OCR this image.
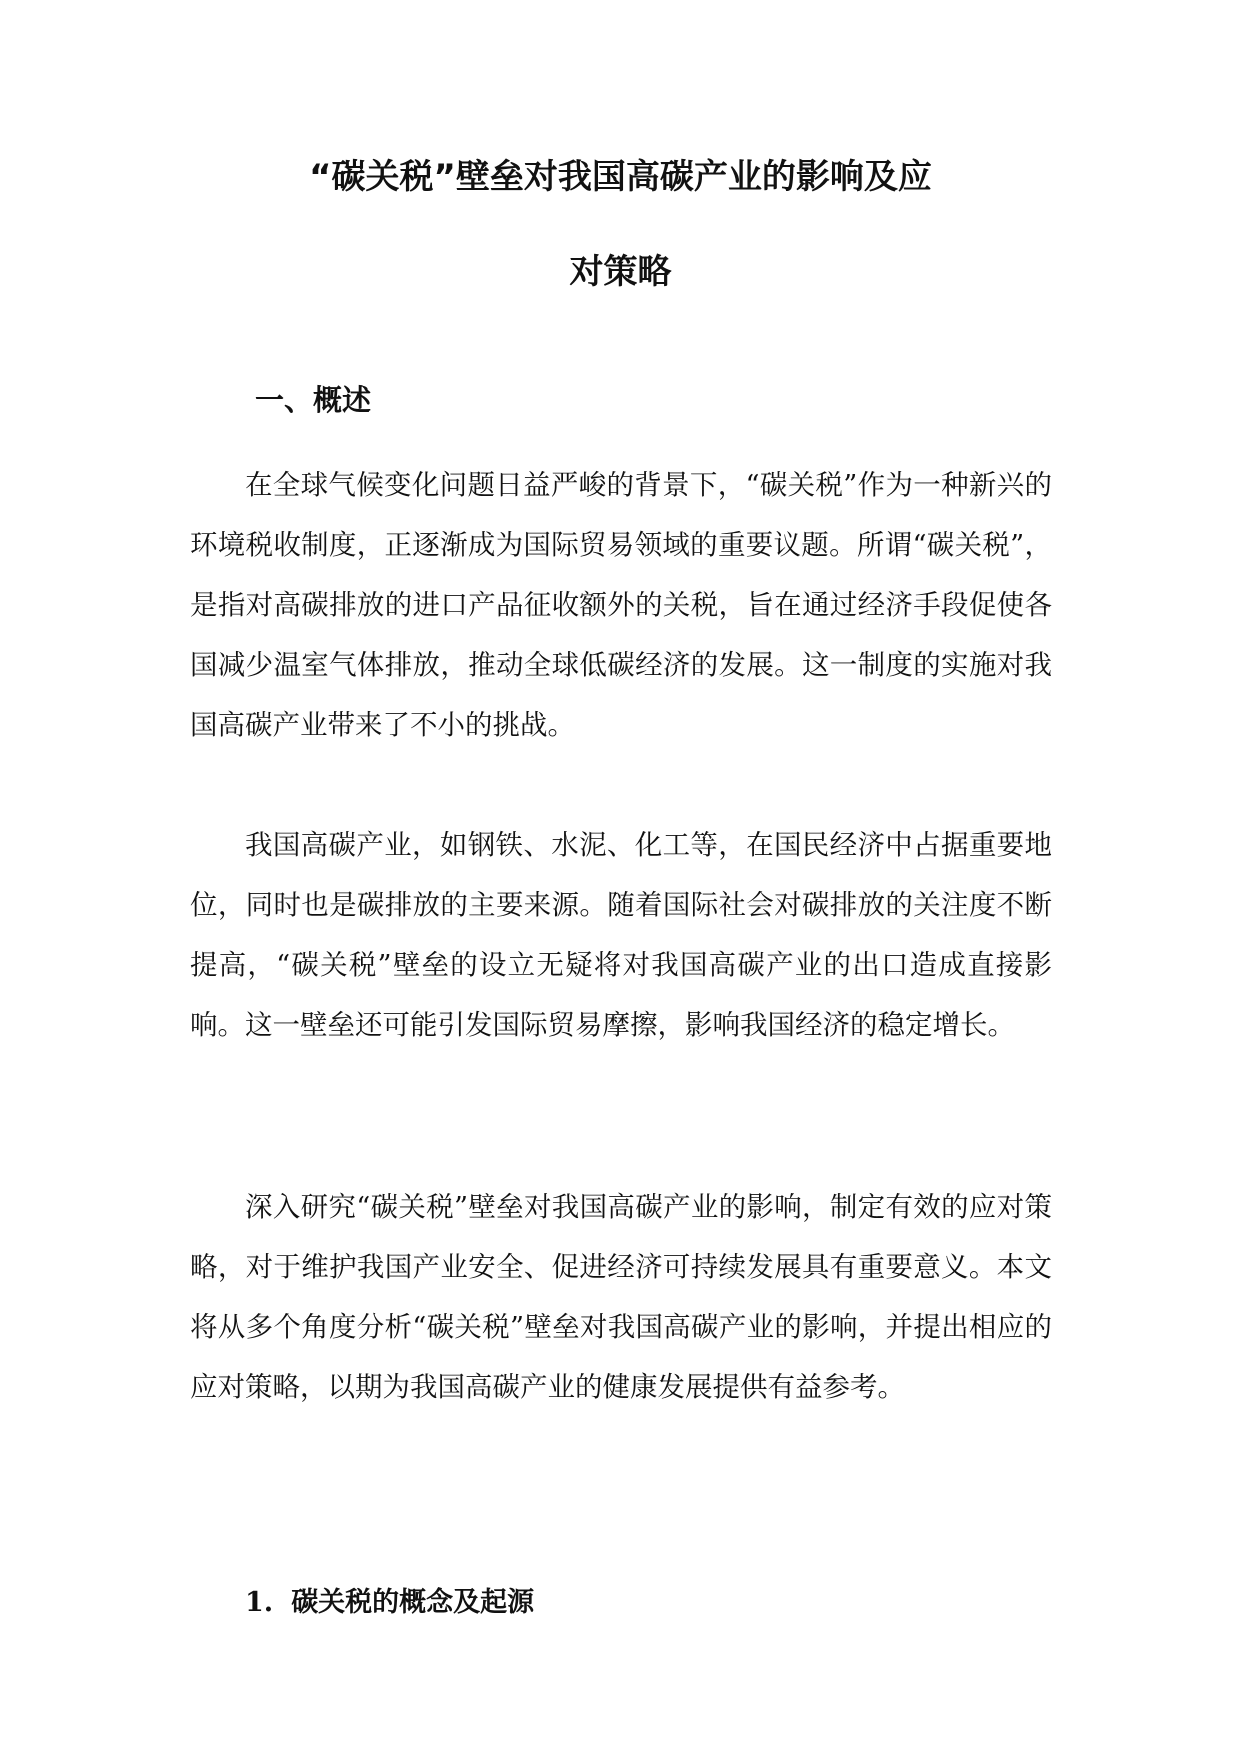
“碳关税”壁垒对我国高碳产业的影响及应
对策略
一、概述

在全球气候变化问题日益严峻的背景下，“碳关税”作为一种新兴的环境税收制度，正逐渐成为国际贸易领域的重要议题。所谓“碳关税”，是指对高碳排放的进口产品征收额外的关税，旨在通过经济手段促使各国减少温室气体排放，推动全球低碳经济的发展。这一制度的实施对我国高碳产业带来了不小的挑战。

我国高碳产业，如钢铁、水泥、化工等，在国民经济中占据重要地位，同时也是碳排放的主要来源。随着国际社会对碳排放的关注度不断提高，“碳关税”壁垒的设立无疑将对我国高碳产业的出口造成直接影响。这一壁垒还可能引发国际贸易摩擦，影响我国经济的稳定增长。

深入研究“碳关税”壁垒对我国高碳产业的影响，制定有效的应对策略，对于维护我国产业安全、促进经济可持续发展具有重要意义。本文将从多个角度分析“碳关税”壁垒对我国高碳产业的影响，并提出相应的应对策略，以期为我国高碳产业的健康发展提供有益参考。

1. 碳关税的概念及起源
